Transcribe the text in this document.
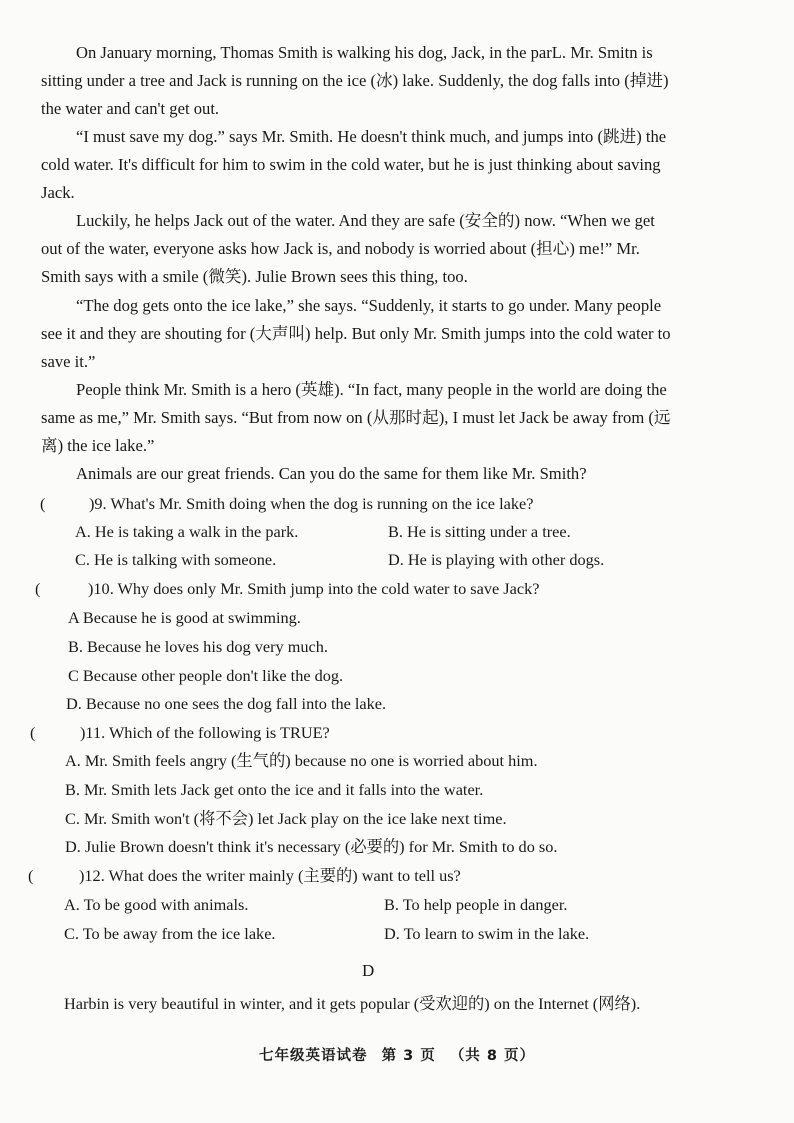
On January morning, Thomas Smith is walking his dog, Jack, in the parL. Mr. Smitn is
sitting under a tree and Jack is running on the ice (冰) lake. Suddenly, the dog falls into (掉进)
the water and can't get out.
“I must save my dog.” says Mr. Smith. He doesn't think much, and jumps into (跳进) the
cold water. It's difficult for him to swim in the cold water, but he is just thinking about saving
Jack.
Luckily, he helps Jack out of the water. And they are safe (安全的) now. “When we get
out of the water, everyone asks how Jack is, and nobody is worried about (担心) me!” Mr.
Smith says with a smile (微笑). Julie Brown sees this thing, too.
“The dog gets onto the ice lake,” she says. “Suddenly, it starts to go under. Many people
see it and they are shouting for (大声叫) help. But only Mr. Smith jumps into the cold water to
save it.”
People think Mr. Smith is a hero (英雄). “In fact, many people in the world are doing the
same as me,” Mr. Smith says. “But from now on (从那时起), I must let Jack be away from (远
离) the ice lake.”
Animals are our great friends. Can you do the same for them like Mr. Smith?
(	)9. What's Mr. Smith doing when the dog is running on the ice lake?
A. He is taking a walk in the park.	B. He is sitting under a tree.
C. He is talking with someone.	D. He is playing with other dogs.
(	)10. Why does only Mr. Smith jump into the cold water to save Jack?
A Because he is good at swimming.
B. Because he loves his dog very much.
C Because other people don't like the dog.
D. Because no one sees the dog fall into the lake.
(	)11. Which of the following is TRUE?
A. Mr. Smith feels angry (生气的) because no one is worried about him.
B. Mr. Smith lets Jack get onto the ice and it falls into the water.
C. Mr. Smith won't (将不会) let Jack play on the ice lake next time.
D. Julie Brown doesn't think it's necessary (必要的) for Mr. Smith to do so.
(	)12. What does the writer mainly (主要的) want to tell us?
A. To be good with animals.	B. To help people in danger.
C. To be away from the ice lake.	D. To learn to swim in the lake.
D
Harbin is very beautiful in winter, and it gets popular (受欢迎的) on the Internet (网络).
七年级英语试卷 第 3 页 （共 8 页）
